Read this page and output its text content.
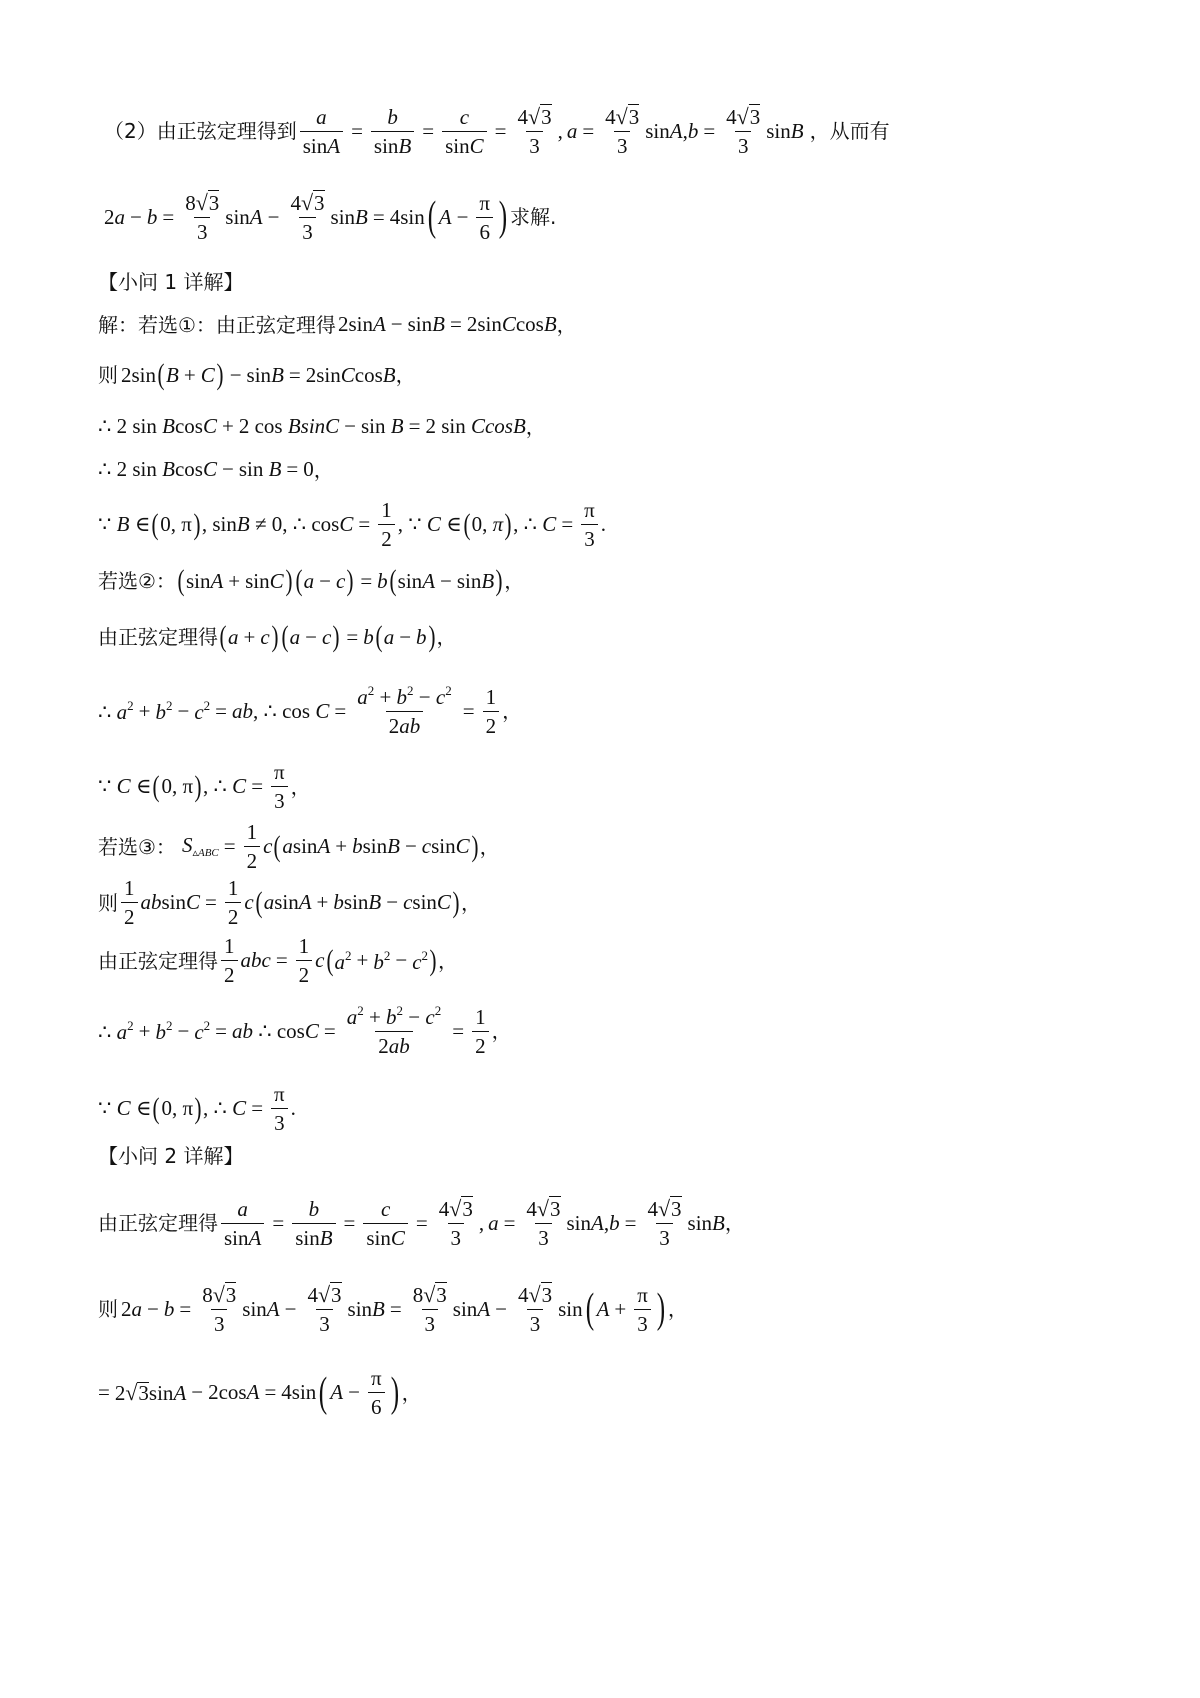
（2）由正弦定理得到 $\frac{a}{\sin A} = \frac{b}{\sin B} = \frac{c}{\sin C} = \frac{4 √ 3}{3}$ , $a = \frac{4 √ 3}{3} \sin A$, $b = \frac{4 √ 3}{3}$ sinB ， 从而有
$2a - b = \frac{8 √ 3}{3}$ $\sin A - \frac{4 √ 3}{3}$ sinB = 4sin ( $A - \frac{\pi}{6}$ ) 求解.
【小问 1 详解】
解：若选①：由正弦定理得 2sinA − sinB = 2sinCcosB ，
则 2sin ( B + C ) − sinB = 2sinCcosB ，
∴ 2 sin BcosC + 2 cos BsinC − sin B = 2 sin CcosB ，
∴ 2 sin BcosC − sin B = 0 ，
∵ B ∈ ( 0, π ) , sinB ≠ 0, ∴ $\cos C = \frac{1}{2}$ , ∵ C ∈ ( 0, π ) , ∴ $C = \frac{\pi}{3}$ .
若选②： ( sinA + sinC ) ( a − c ) = b ( sinA − sinB ) ，
由正弦定理得 ( a + c ) ( a − c ) = b ( a − b ) ，
∴ $a^2 + b^2 - c^2$ = ab, ∴ $\cos C = \frac{a^2 + b^2 - c^2}{2ab} = \frac{1}{2}$ ，
∵ C ∈ ( 0, π ) , ∴ $C = \frac{\pi}{3}$ ，
若选③： $S_{▵ABC} = \frac{1}{2}$ c ( asinA + bsinB − csinC ) ，
则 $\frac{1}{2}$ $absinC = \frac{1}{2}$ c ( asinA + bsinB − csinC ) ，
由正弦定理得 $\frac{1}{2}$ abc = $\frac{1}{2}$ c ( $a^2 + b^2 - c^2$ ) ，
∴ $a^2 + b^2 - c^2$ = ab ∴ $\cos C = \frac{a^2 + b^2 - c^2}{2ab} = \frac{1}{2}$ ，
∵ C ∈ ( 0, π ) , ∴ $C = \frac{\pi}{3}$ .
【小问 2 详解】
由正弦定理得 $\frac{a}{\sin A} = \frac{b}{\sin B} = \frac{c}{\sin C} = \frac{4 √ 3}{3}$ , $a = \frac{4 √ 3}{3} \sin A$, $b = \frac{4 √ 3}{3}$ sinB ，
则 $2a - b = \frac{8 √ 3}{3}$ $\sin A - \frac{4 √ 3}{3}$ $\sin B = \frac{8 √ 3}{3}$ $\sin A - \frac{4 √ 3}{3}$ sin ( $A + \frac{\pi}{3}$ ) ，
= 2 √ 3 sinA − 2cosA = 4sin ( $A - \frac{\pi}{6}$ ) ，
